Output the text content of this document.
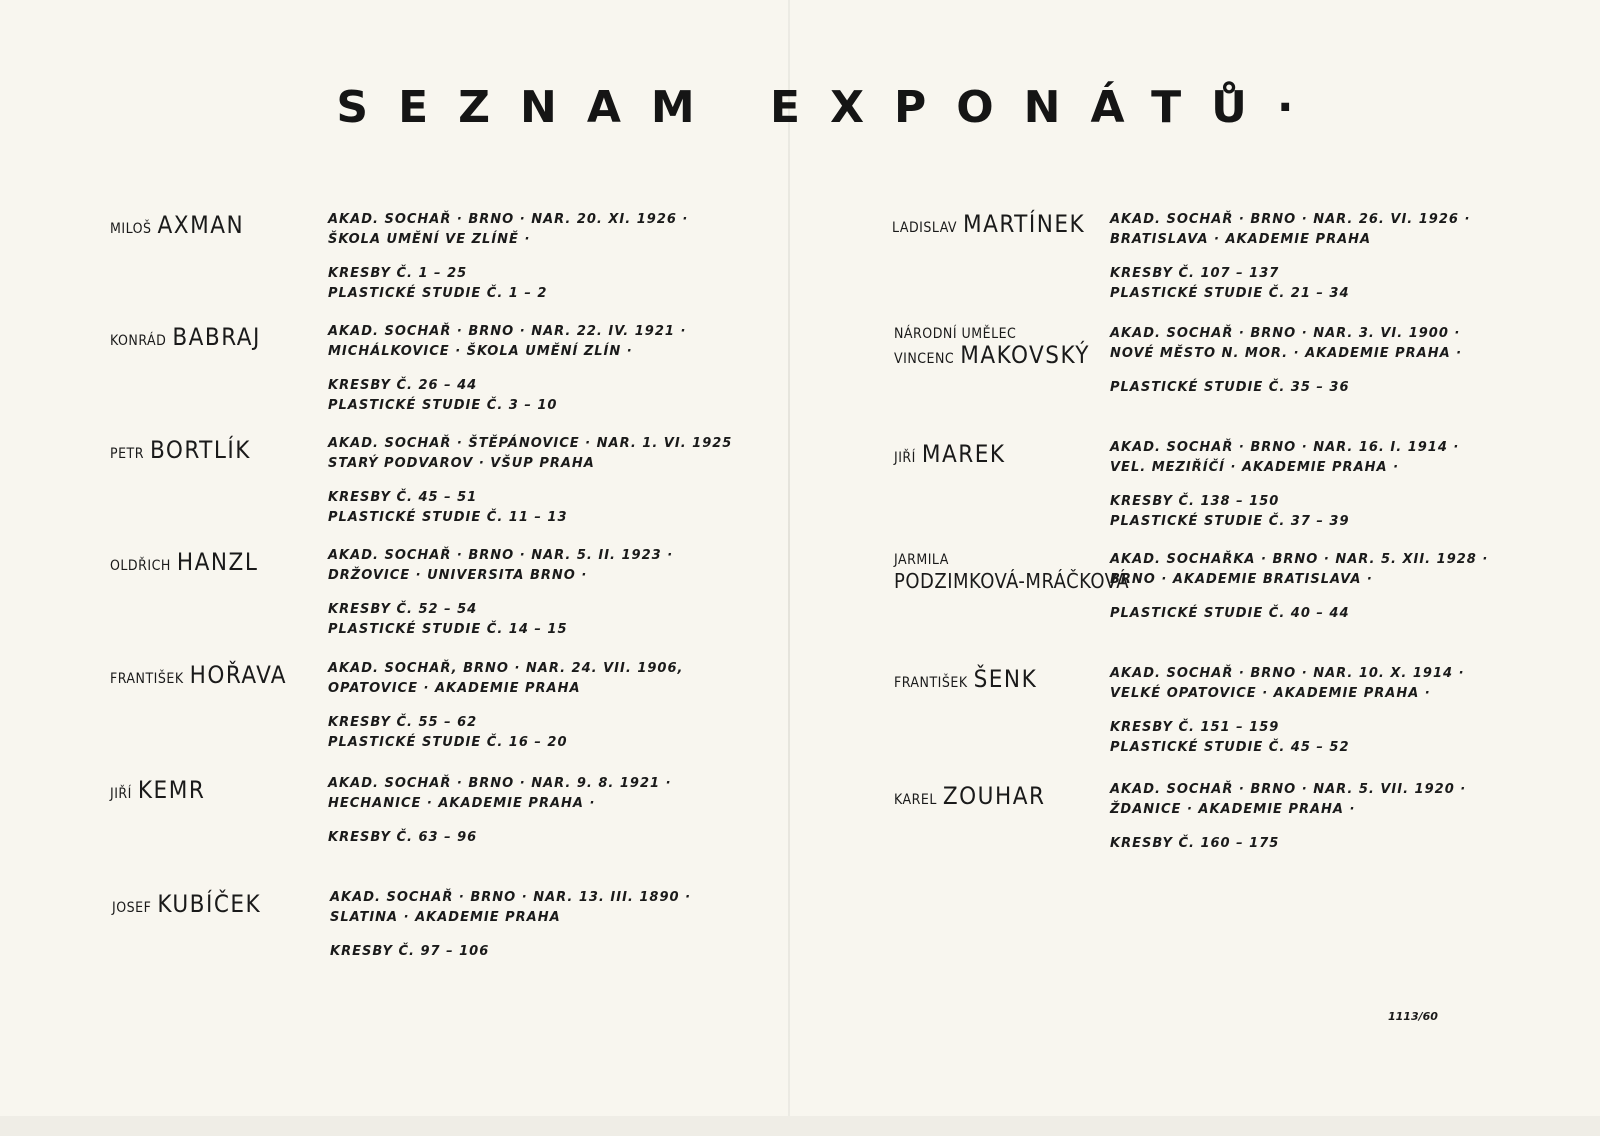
SEZNAM EXPONÁTŮ·
MILOŠ AXMAN	AKAD. SOCHAŘ · BRNO · NAR. 20. XI. 1926 ·
ŠKOLA UMĚNÍ VE ZLÍNĚ ·
KRESBY Č. 1 – 25
PLASTICKÉ STUDIE Č. 1 – 2
KONRÁD BABRAJ	AKAD. SOCHAŘ · BRNO · NAR. 22. IV. 1921 ·
MICHÁLKOVICE · ŠKOLA UMĚNÍ ZLÍN ·
KRESBY Č. 26 – 44
PLASTICKÉ STUDIE Č. 3 – 10
PETR BORTLÍK	AKAD. SOCHAŘ · ŠTĚPÁNOVICE · NAR. 1. VI. 1925
STARÝ PODVAROV · VŠUP PRAHA
KRESBY Č. 45 – 51
PLASTICKÉ STUDIE Č. 11 – 13
OLDŘICH HANZL	AKAD. SOCHAŘ · BRNO · NAR. 5. II. 1923 ·
DRŽOVICE · UNIVERSITA BRNO ·
KRESBY Č. 52 – 54
PLASTICKÉ STUDIE Č. 14 – 15
FRANTIŠEK HOŘAVA	AKAD. SOCHAŘ, BRNO · NAR. 24. VII. 1906,
OPATOVICE · AKADEMIE PRAHA
KRESBY Č. 55 – 62
PLASTICKÉ STUDIE Č. 16 – 20
JIŘÍ KEMR	AKAD. SOCHAŘ · BRNO · NAR. 9. 8. 1921 ·
HECHANICE · AKADEMIE PRAHA ·
KRESBY Č. 63 – 96
JOSEF KUBÍČEK	AKAD. SOCHAŘ · BRNO · NAR. 13. III. 1890 ·
SLATINA · AKADEMIE PRAHA
KRESBY Č. 97 – 106
LADISLAV MARTÍNEK AKAD. SOCHAŘ · BRNO · NAR. 26. VI. 1926 ·
BRATISLAVA · AKADEMIE PRAHA
KRESBY Č. 107 – 137
PLASTICKÉ STUDIE Č. 21 – 34
NÁRODNÍ UMĚLEC
VINCENC MAKOVSKÝ
AKAD. SOCHAŘ · BRNO · NAR. 3. VI. 1900 ·
NOVÉ MĚSTO N. MOR. · AKADEMIE PRAHA ·
PLASTICKÉ STUDIE Č. 35 – 36
JIŘÍ MAREK	AKAD. SOCHAŘ · BRNO · NAR. 16. I. 1914 ·
VEL. MEZIŘÍČÍ · AKADEMIE PRAHA ·
KRESBY Č. 138 – 150
PLASTICKÉ STUDIE Č. 37 – 39
JARMILA
PODZIMKOVÁ-MRÁČKOVÁ
AKAD. SOCHAŘKA · BRNO · NAR. 5. XII. 1928 ·
BRNO · AKADEMIE BRATISLAVA ·
PLASTICKÉ STUDIE Č. 40 – 44
FRANTIŠEK ŠENK	AKAD. SOCHAŘ · BRNO · NAR. 10. X. 1914 ·
VELKÉ OPATOVICE · AKADEMIE PRAHA ·
KRESBY Č. 151 – 159
PLASTICKÉ STUDIE Č. 45 – 52
KAREL ZOUHAR	AKAD. SOCHAŘ · BRNO · NAR. 5. VII. 1920 ·
ŽDANICE · AKADEMIE PRAHA ·
KRESBY Č. 160 – 175
1113/60
